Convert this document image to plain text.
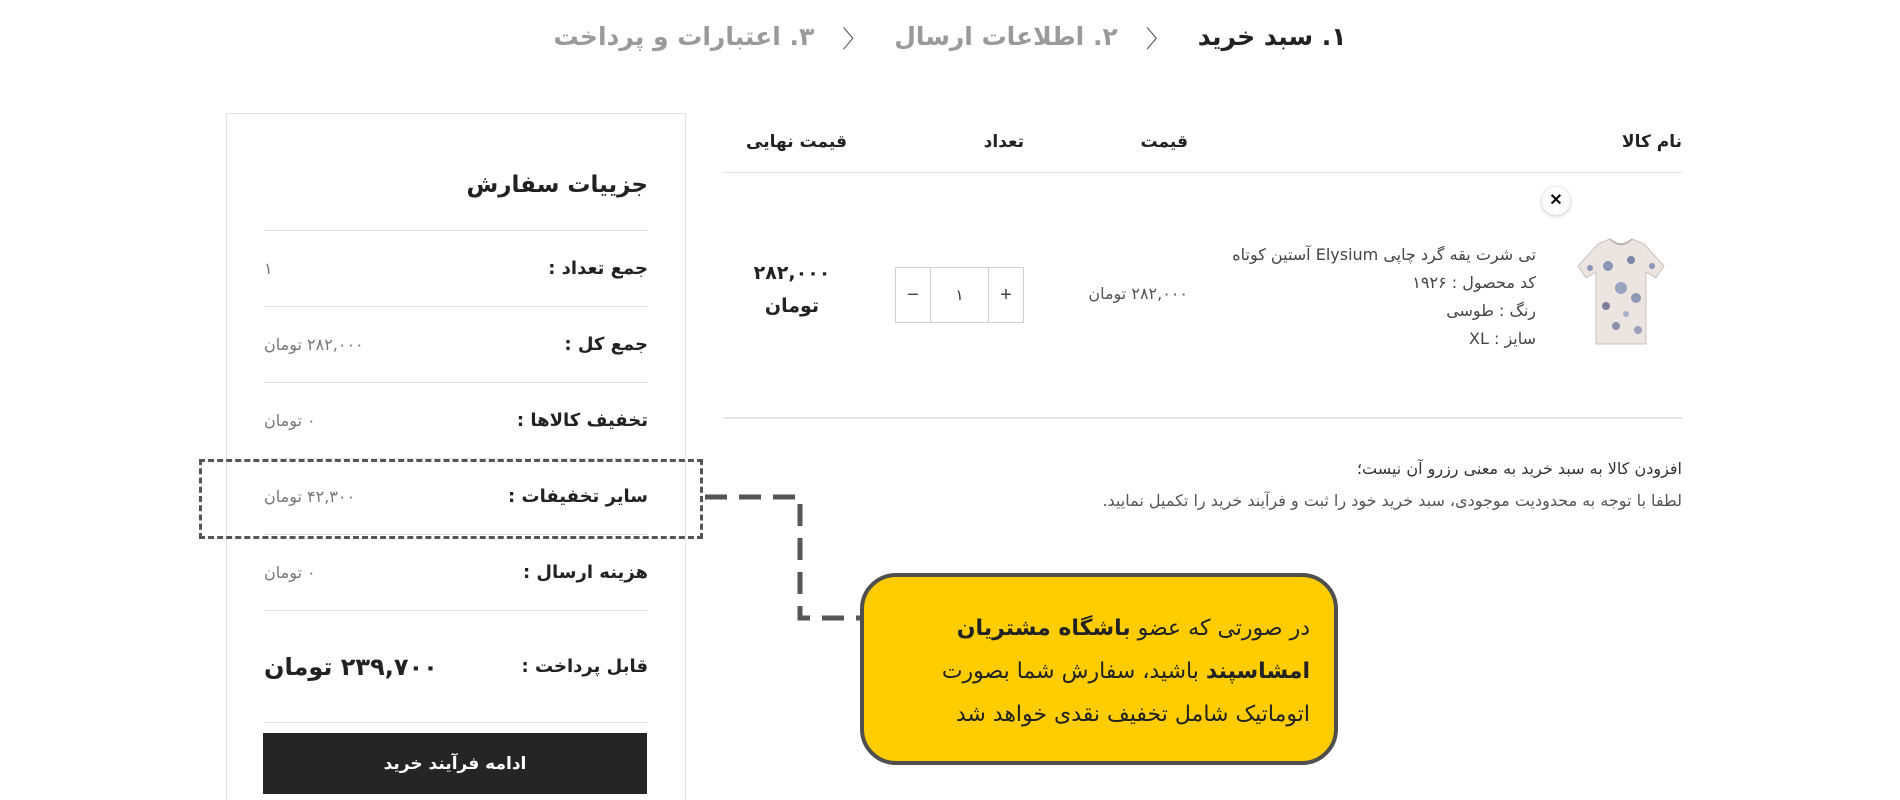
۱. سبد خرید
〈
۲. اطلاعات ارسال
〈
۳. اعتبارات و پرداخت
جزییات سفارش
جمع تعداد :
۱
جمع کل :
۲۸۲,۰۰۰ تومان
تخفیف کالاها :
۰ تومان
سایر تخفیفات :
۴۲,۳۰۰ تومان
هزینه ارسال :
۰ تومان
قابل پرداخت :
۲۳۹,۷۰۰ تومان
ادامه فرآیند خرید
نام کالا
قیمت
تعداد
قیمت نهایی
✕
تی شرت یقه گرد چاپی Elysium آستین کوتاه
کد محصول : ۱۹۲۶
رنگ : طوسی
سایز : XL
۲۸۲,۰۰۰ تومان
−
۱	+
۲۸۲,۰۰۰
تومان
افزودن کالا به سبد خرید به معنی رزرو آن نیست؛
لطفا با توجه به محدودیت موجودی، سبد خرید خود را ثبت و فرآیند خرید را تکمیل نمایید.
در صورتی که عضو باشگاه مشتریان امشاسپند باشید، سفارش شما بصورت اتوماتیک شامل تخفیف نقدی خواهد شد
